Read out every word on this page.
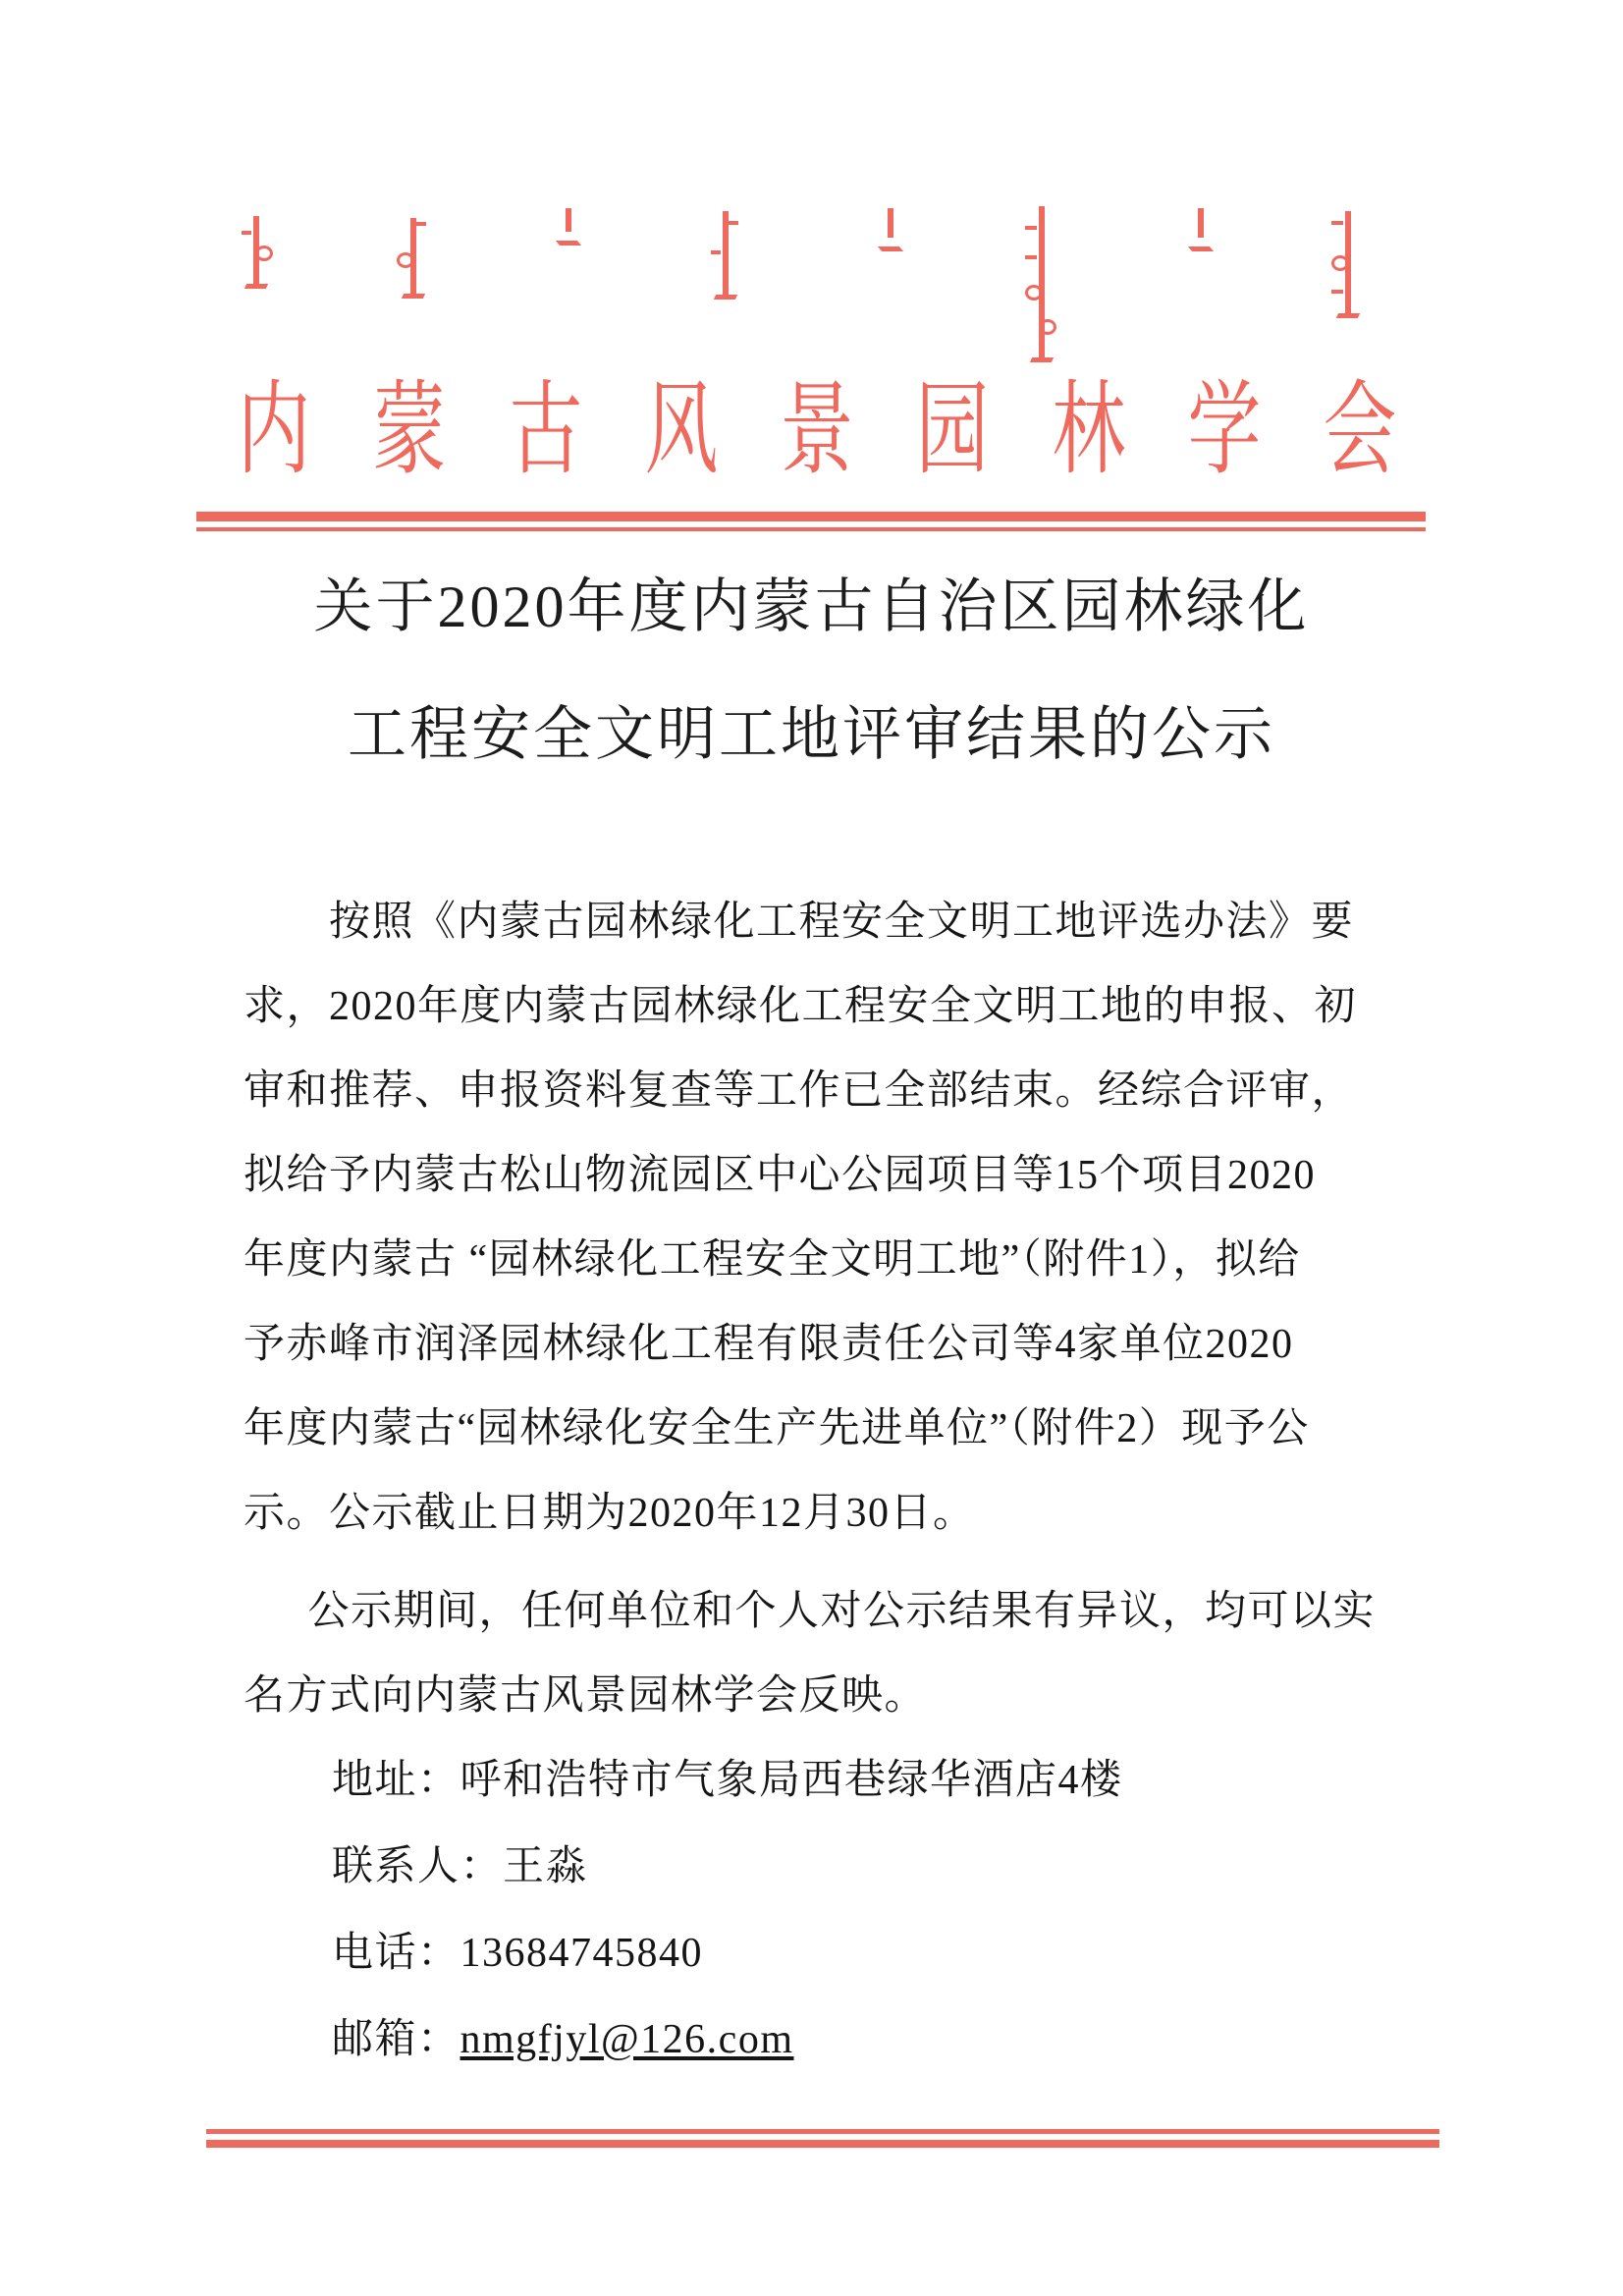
内 蒙 古 风 景 园 林 学 会
关于2020年度内蒙古自治区园林绿化
工程安全文明工地评审结果的公示
　　按照《内蒙古园林绿化工程安全文明工地评选办法》要
求，2020年度内蒙古园林绿化工程安全文明工地的申报、初
审和推荐、申报资料复查等工作已全部结束。经综合评审，
拟给予内蒙古松山物流园区中心公园项目等15个项目2020
年度内蒙古 “园林绿化工程安全文明工地”（附件1），拟给
予赤峰市润泽园林绿化工程有限责任公司等4家单位2020
年度内蒙古“园林绿化安全生产先进单位”（附件2）现予公
示。公示截止日期为2020年12月30日。
　公示期间，任何单位和个人对公示结果有异议，均可以实
名方式向内蒙古风景园林学会反映。
地址：呼和浩特市气象局西巷绿华酒店4楼
联系人：王淼
电话：13684745840
邮箱：nmgfjyl@126.com
